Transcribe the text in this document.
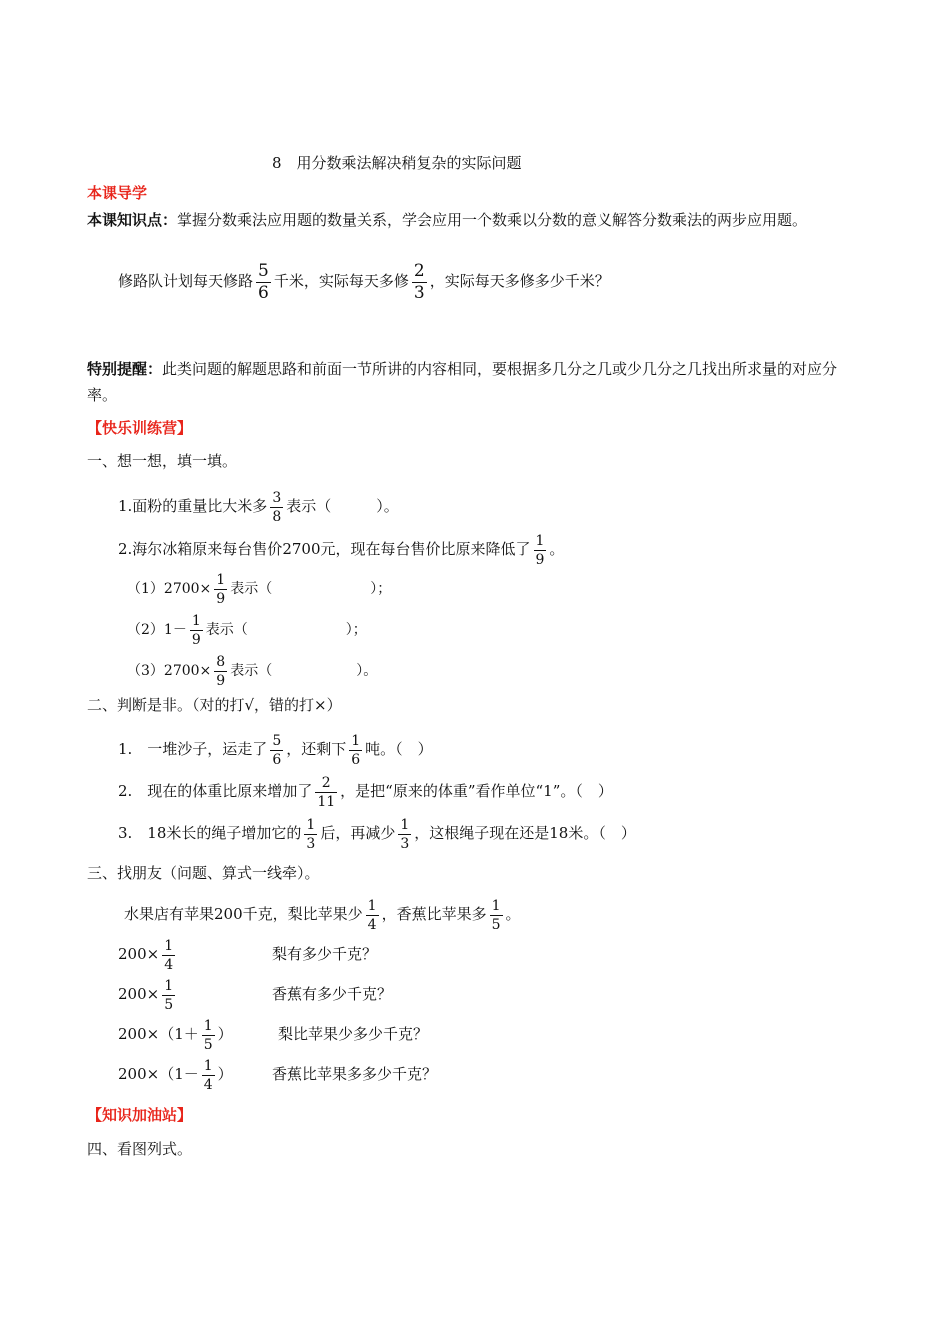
8　用分数乘法解决稍复杂的实际问题
本课导学
本课知识点：掌握分数乘法应用题的数量关系，学会应用一个数乘以分数的意义解答分数乘法的两步应用题。
修路队计划每天修路 $\frac{5}{6}$ 千米，实际每天多修 $\frac{2}{3}$ ，实际每天多修多少千米？
特别提醒：此类问题的解题思路和前面一节所讲的内容相同，要根据多几分之几或少几分之几找出所求量的对应分率。
【快乐训练营】
一、想一想，填一填。
1.面粉的重量比大米多 $\frac{3}{8}$ 表示（　　　）。
2.海尔冰箱原来每台售价2700元，现在每台售价比原来降低了 $\frac{1}{9}$ 。
$(1)2700\times \frac{1}{9}$ 表示（　　　　　　　）；
$(2)1- \frac{1}{9}$ 表示（　　　　　　　）；
$(3)2700\times \frac{8}{9}$ 表示（　　　　　　）。
二、判断是非。（对的打√，错的打×）
1.　一堆沙子，运走了 $\frac{5}{6}$ ，还剩下 $\frac{1}{6}$ 吨。（　）
2.　现在的体重比原来增加了 $\frac{2}{11}$ ，是把“原来的体重”看作单位“1”。（　）
3.　18米长的绳子增加它的 $\frac{1}{3}$ 后，再减少 $\frac{1}{3}$ ，这根绳子现在还是18米。（　）
三、找朋友（问题、算式一线牵）。
水果店有苹果200千克，梨比苹果少 $\frac{1}{4}$ ，香蕉比苹果多 $\frac{1}{5}$ 。
$200\times \frac{1}{4}$	梨有多少千克？
$200\times \frac{1}{5}$	香蕉有多少千克？
$200\times(1+ \frac{1}{5}$ ）	梨比苹果少多少千克？
$200\times(1- \frac{1}{4}$ ）	香蕉比苹果多多少千克？
【知识加油站】
四、看图列式。
